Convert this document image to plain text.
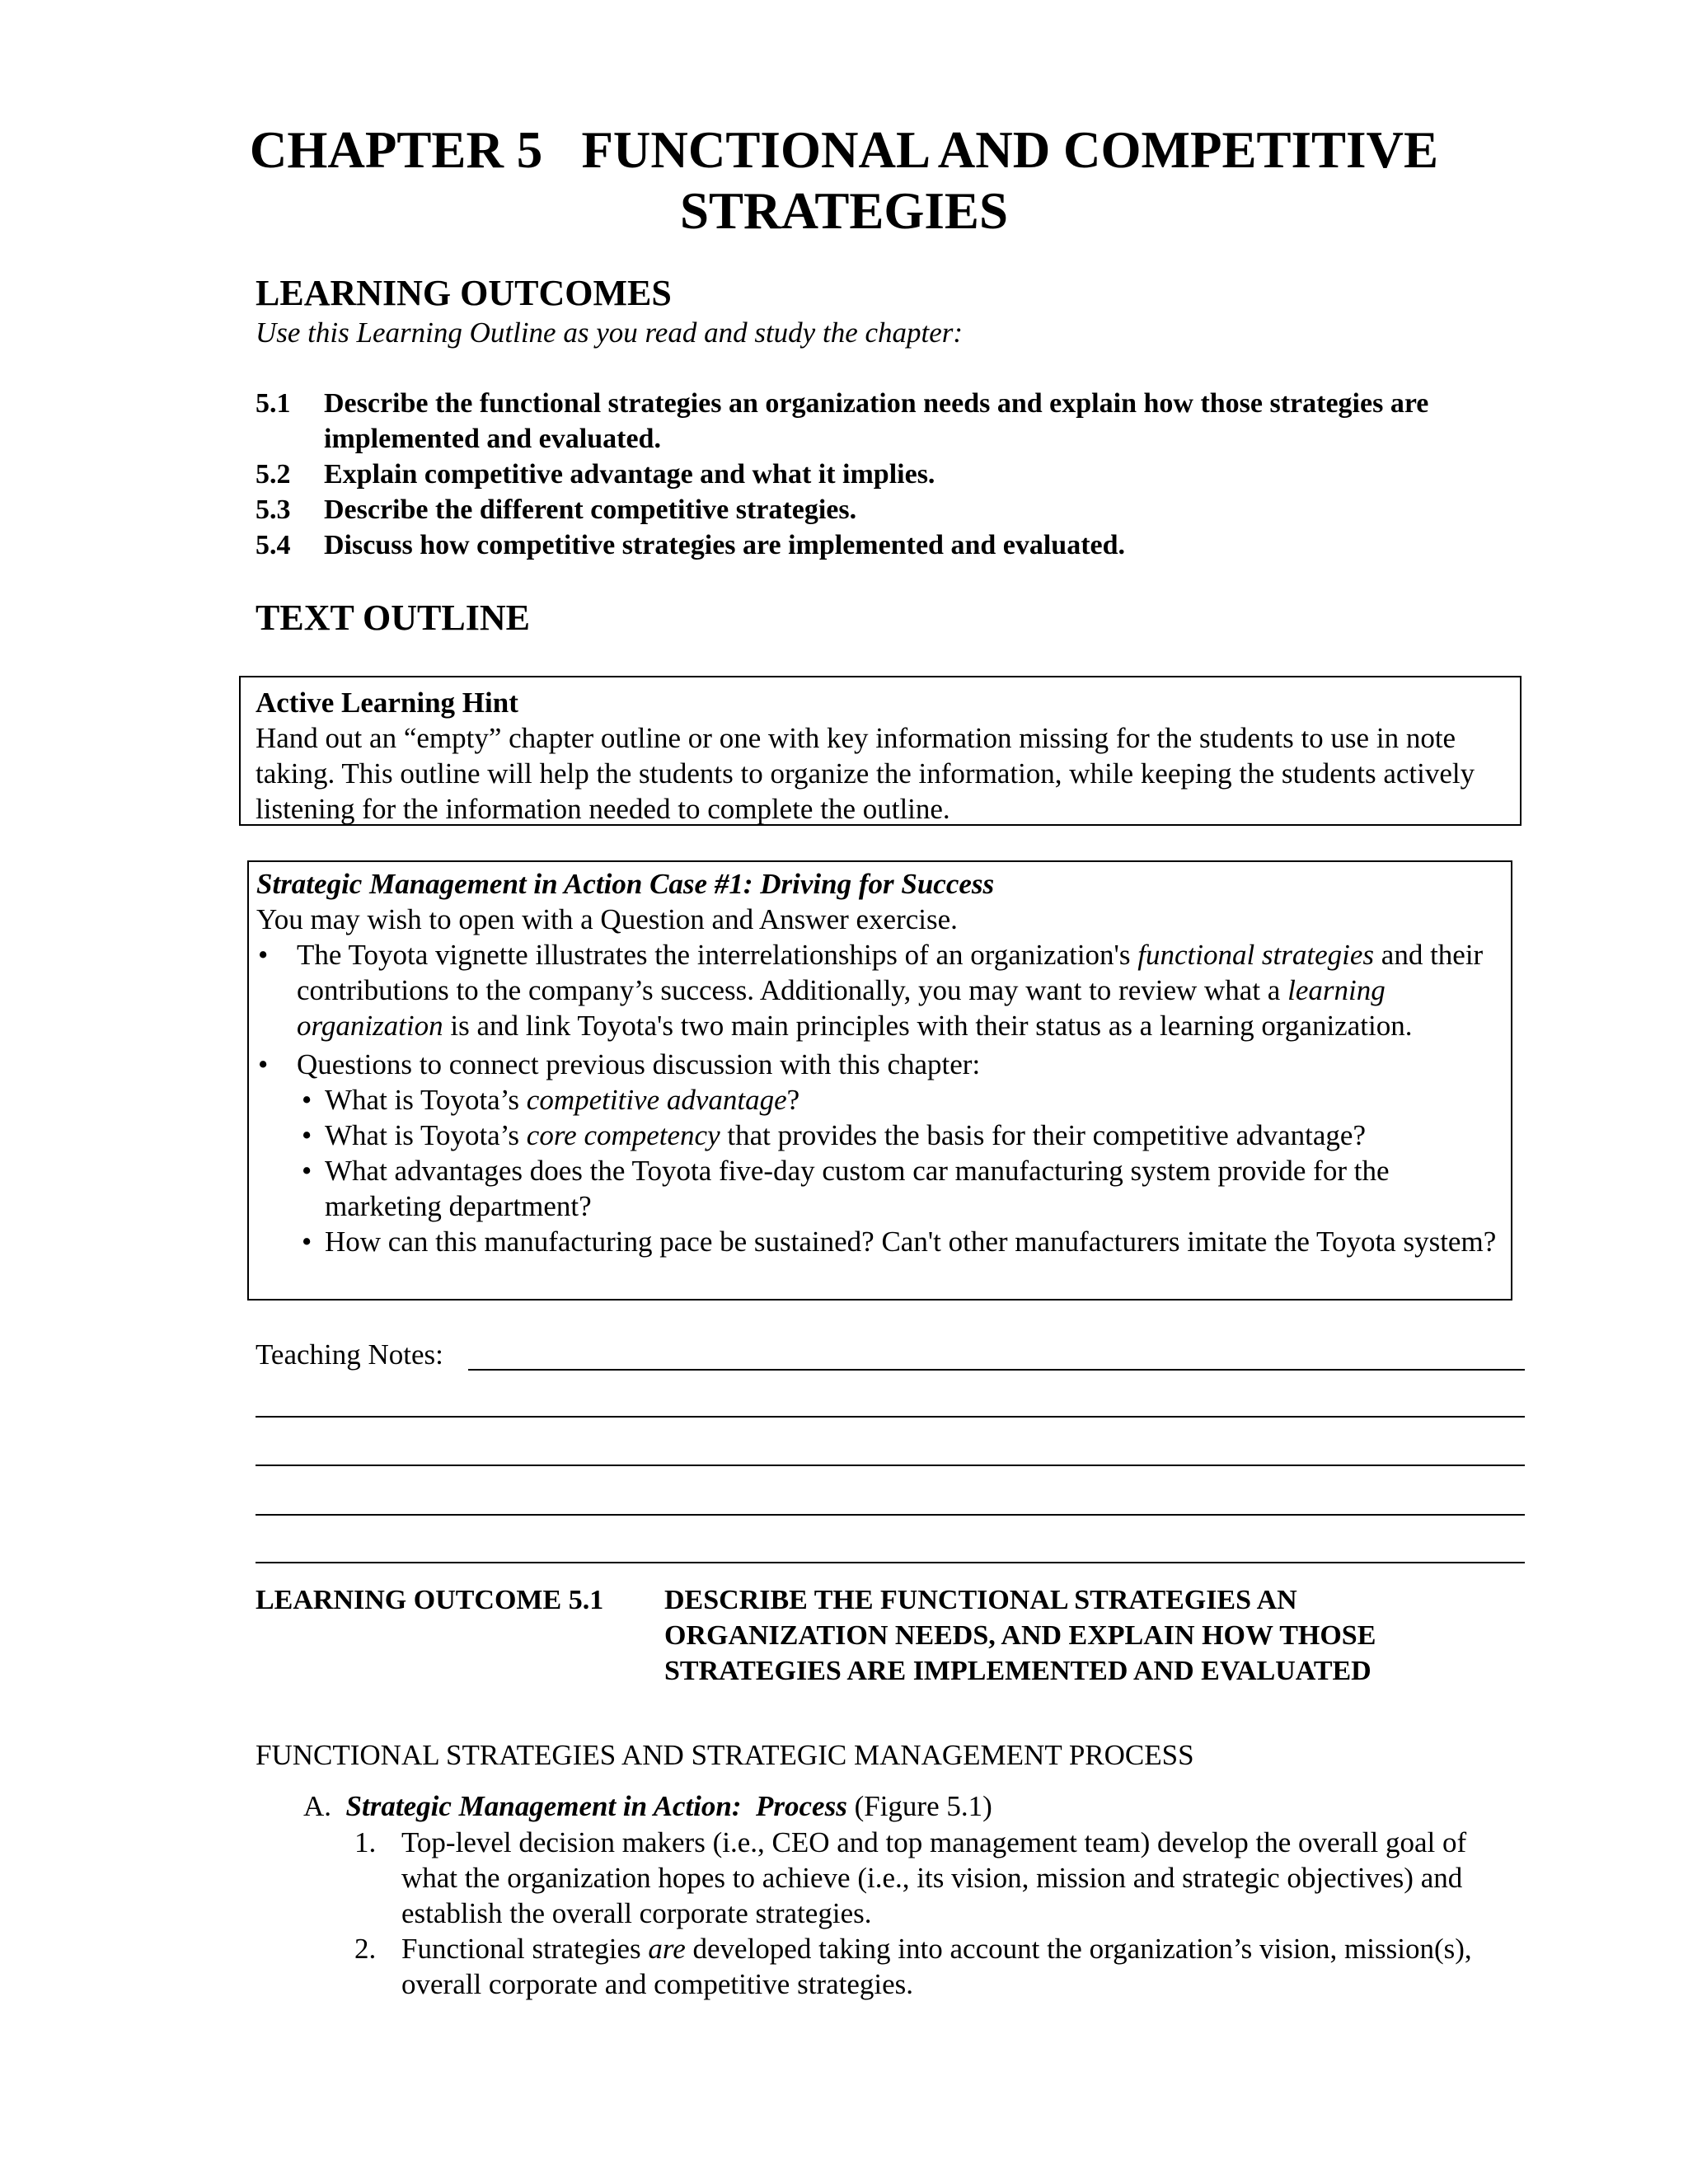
CHAPTER 5   FUNCTIONAL AND COMPETITIVE
STRATEGIES
LEARNING OUTCOMES
Use this Learning Outline as you read and study the chapter:
5.1	Describe the functional strategies an organization needs and explain how those strategies are implemented and evaluated.
5.2	Explain competitive advantage and what it implies.
5.3	Describe the different competitive strategies.
5.4	Discuss how competitive strategies are implemented and evaluated.
TEXT OUTLINE
Active Learning Hint
Hand out an “empty” chapter outline or one with key information missing for the students to use in note taking. This outline will help the students to organize the information, while keeping the students actively listening for the information needed to complete the outline.
Strategic Management in Action Case #1: Driving for Success
You may wish to open with a Question and Answer exercise.
• The Toyota vignette illustrates the interrelationships of an organization's functional strategies and their contributions to the company’s success. Additionally, you may want to review what a learning organization is and link Toyota's two main principles with their status as a learning organization.
• Questions to connect previous discussion with this chapter:
• What is Toyota’s competitive advantage?
• What is Toyota’s core competency that provides the basis for their competitive advantage?
• What advantages does the Toyota five-day custom car manufacturing system provide for the marketing department?
• How can this manufacturing pace be sustained? Can't other manufacturers imitate the Toyota system?
Teaching Notes:
LEARNING OUTCOME 5.1 DESCRIBE THE FUNCTIONAL STRATEGIES AN ORGANIZATION NEEDS, AND EXPLAIN HOW THOSE STRATEGIES ARE IMPLEMENTED AND EVALUATED
FUNCTIONAL STRATEGIES AND STRATEGIC MANAGEMENT PROCESS
A. Strategic Management in Action:  Process (Figure 5.1)
1. Top-level decision makers (i.e., CEO and top management team) develop the overall goal of what the organization hopes to achieve (i.e., its vision, mission and strategic objectives) and establish the overall corporate strategies.
2. Functional strategies are developed taking into account the organization’s vision, mission(s), overall corporate and competitive strategies.
